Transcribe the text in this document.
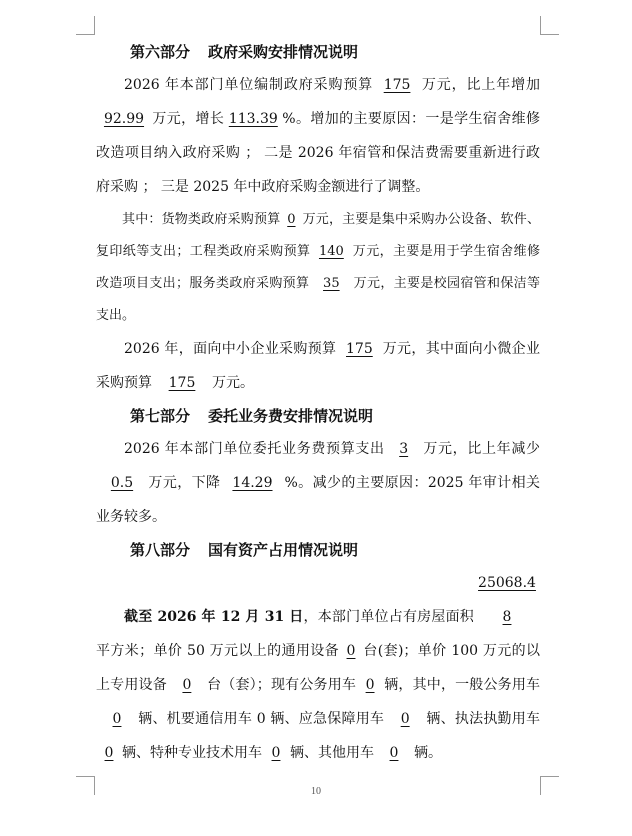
第六部分 政府采购安排情况说明

2026 年本部门单位编制政府采购预算 175 万元，比上年增加92.99 万元，增长 113.39 %。增加的主要原因：一是学生宿舍维修改造项目纳入政府采购 ； 二是 2026 年宿管和保洁费需要重新进行政府采购 ； 三是 2025 年中政府采购金额进行了调整。

其中：货物类政府采购预算 0 万元，主要是集中采购办公设备、软件、复印纸等支出；工程类政府采购预算 140 万元，主要是用于学生宿舍维修改造项目支出；服务类政府采购预算 35 万元，主要是校园宿管和保洁等支出。

2026 年，面向中小企业采购预算 175 万元，其中面向小微企业采购预算 175 万元。

第七部分 委托业务费安排情况说明

2026 年本部门单位委托业务费预算支出 3 万元，比上年减少0.5 万元，下降 14.29 %。减少的主要原因：2025 年审计相关业务较多。

第八部分 国有资产占用情况说明

截至 2026 年 12 月 31 日，本部门单位占有房屋面积25068.48平方米；单价 50 万元以上的通用设备 0 台(套)；单价 100 万元的以上专用设备 0 台（套）；现有公务用车 0 辆，其中，一般公务用车0 辆、机要通信用车 0 辆、应急保障用车 0 辆、执法执勤用车0 辆、特种专业技术用车 0 辆、其他用车 0 辆。

10
